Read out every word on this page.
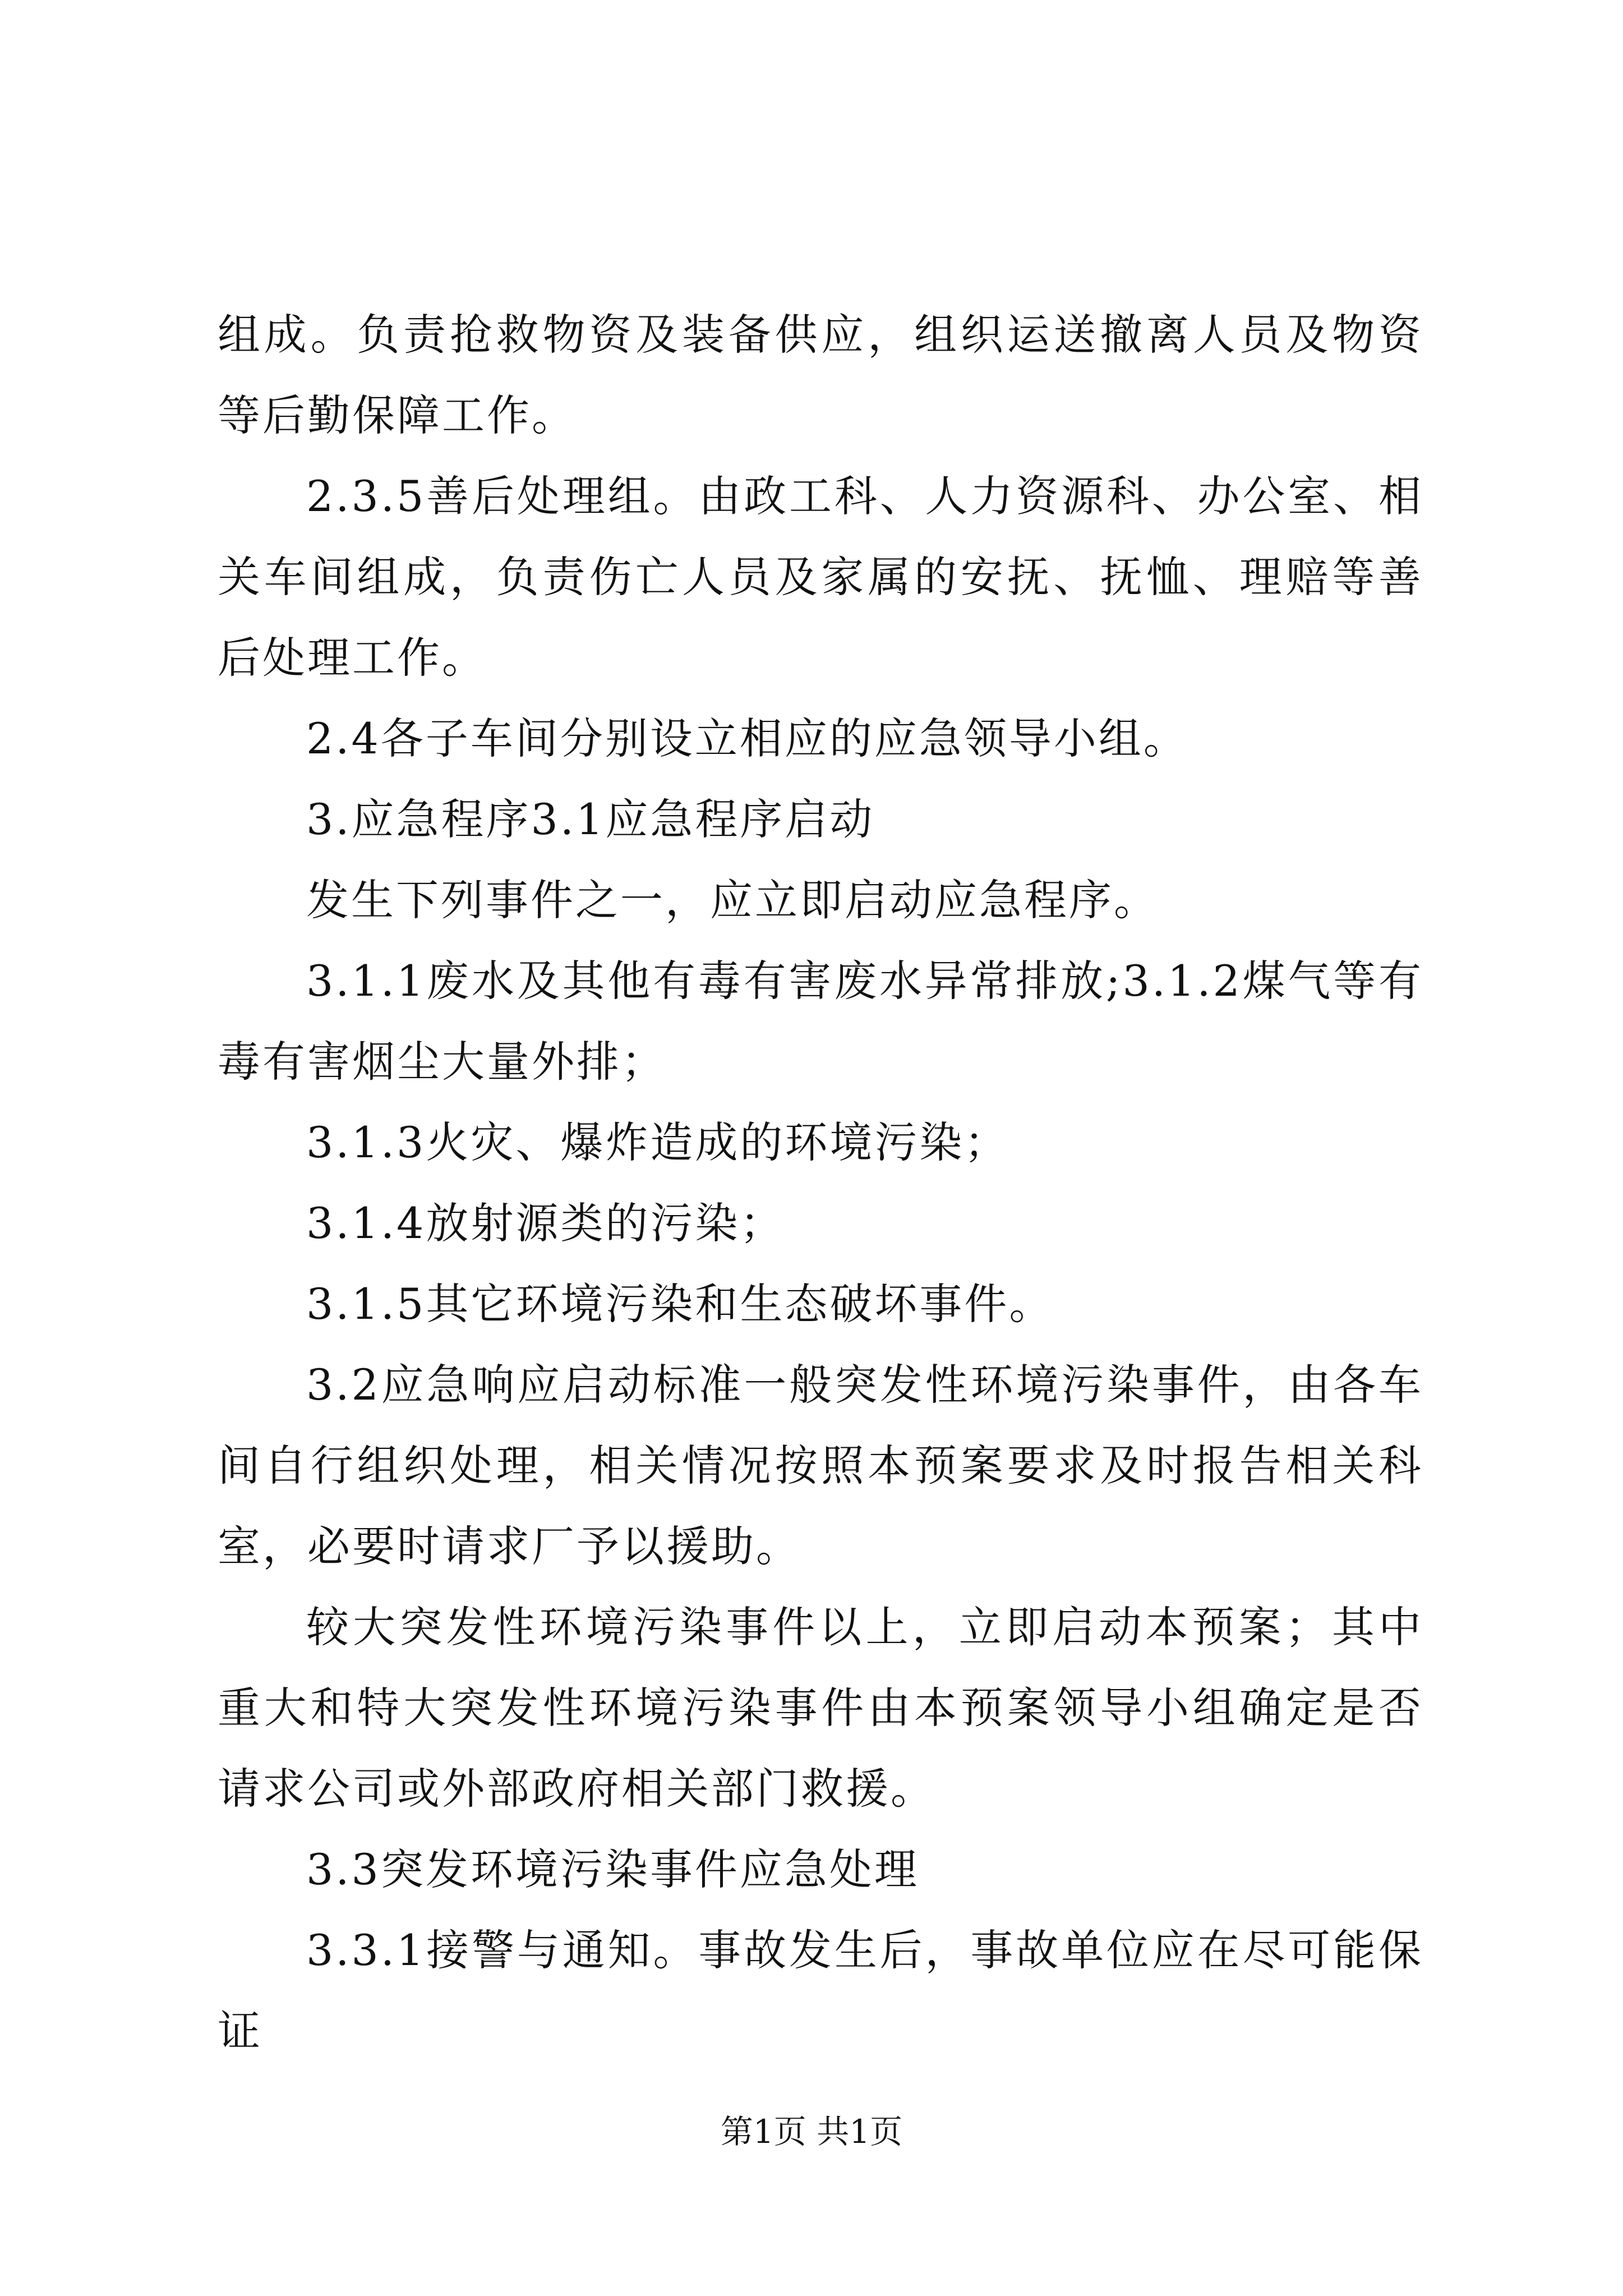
组成。负责抢救物资及装备供应，组织运送撤离人员及物资等后勤保障工作。

2.3.5善后处理组。由政工科、人力资源科、办公室、相关车间组成，负责伤亡人员及家属的安抚、抚恤、理赔等善后处理工作。

2.4各子车间分别设立相应的应急领导小组。

3.应急程序3.1应急程序启动

发生下列事件之一，应立即启动应急程序。

3.1.1废水及其他有毒有害废水异常排放;3.1.2煤气等有毒有害烟尘大量外排；

3.1.3火灾、爆炸造成的环境污染；

3.1.4放射源类的污染；

3.1.5其它环境污染和生态破坏事件。

3.2应急响应启动标准一般突发性环境污染事件，由各车间自行组织处理，相关情况按照本预案要求及时报告相关科室，必要时请求厂予以援助。

较大突发性环境污染事件以上，立即启动本预案；其中重大和特大突发性环境污染事件由本预案领导小组确定是否请求公司或外部政府相关部门救援。

3.3突发环境污染事件应急处理

3.3.1接警与通知。事故发生后，事故单位应在尽可能保证

第1页 共1页
